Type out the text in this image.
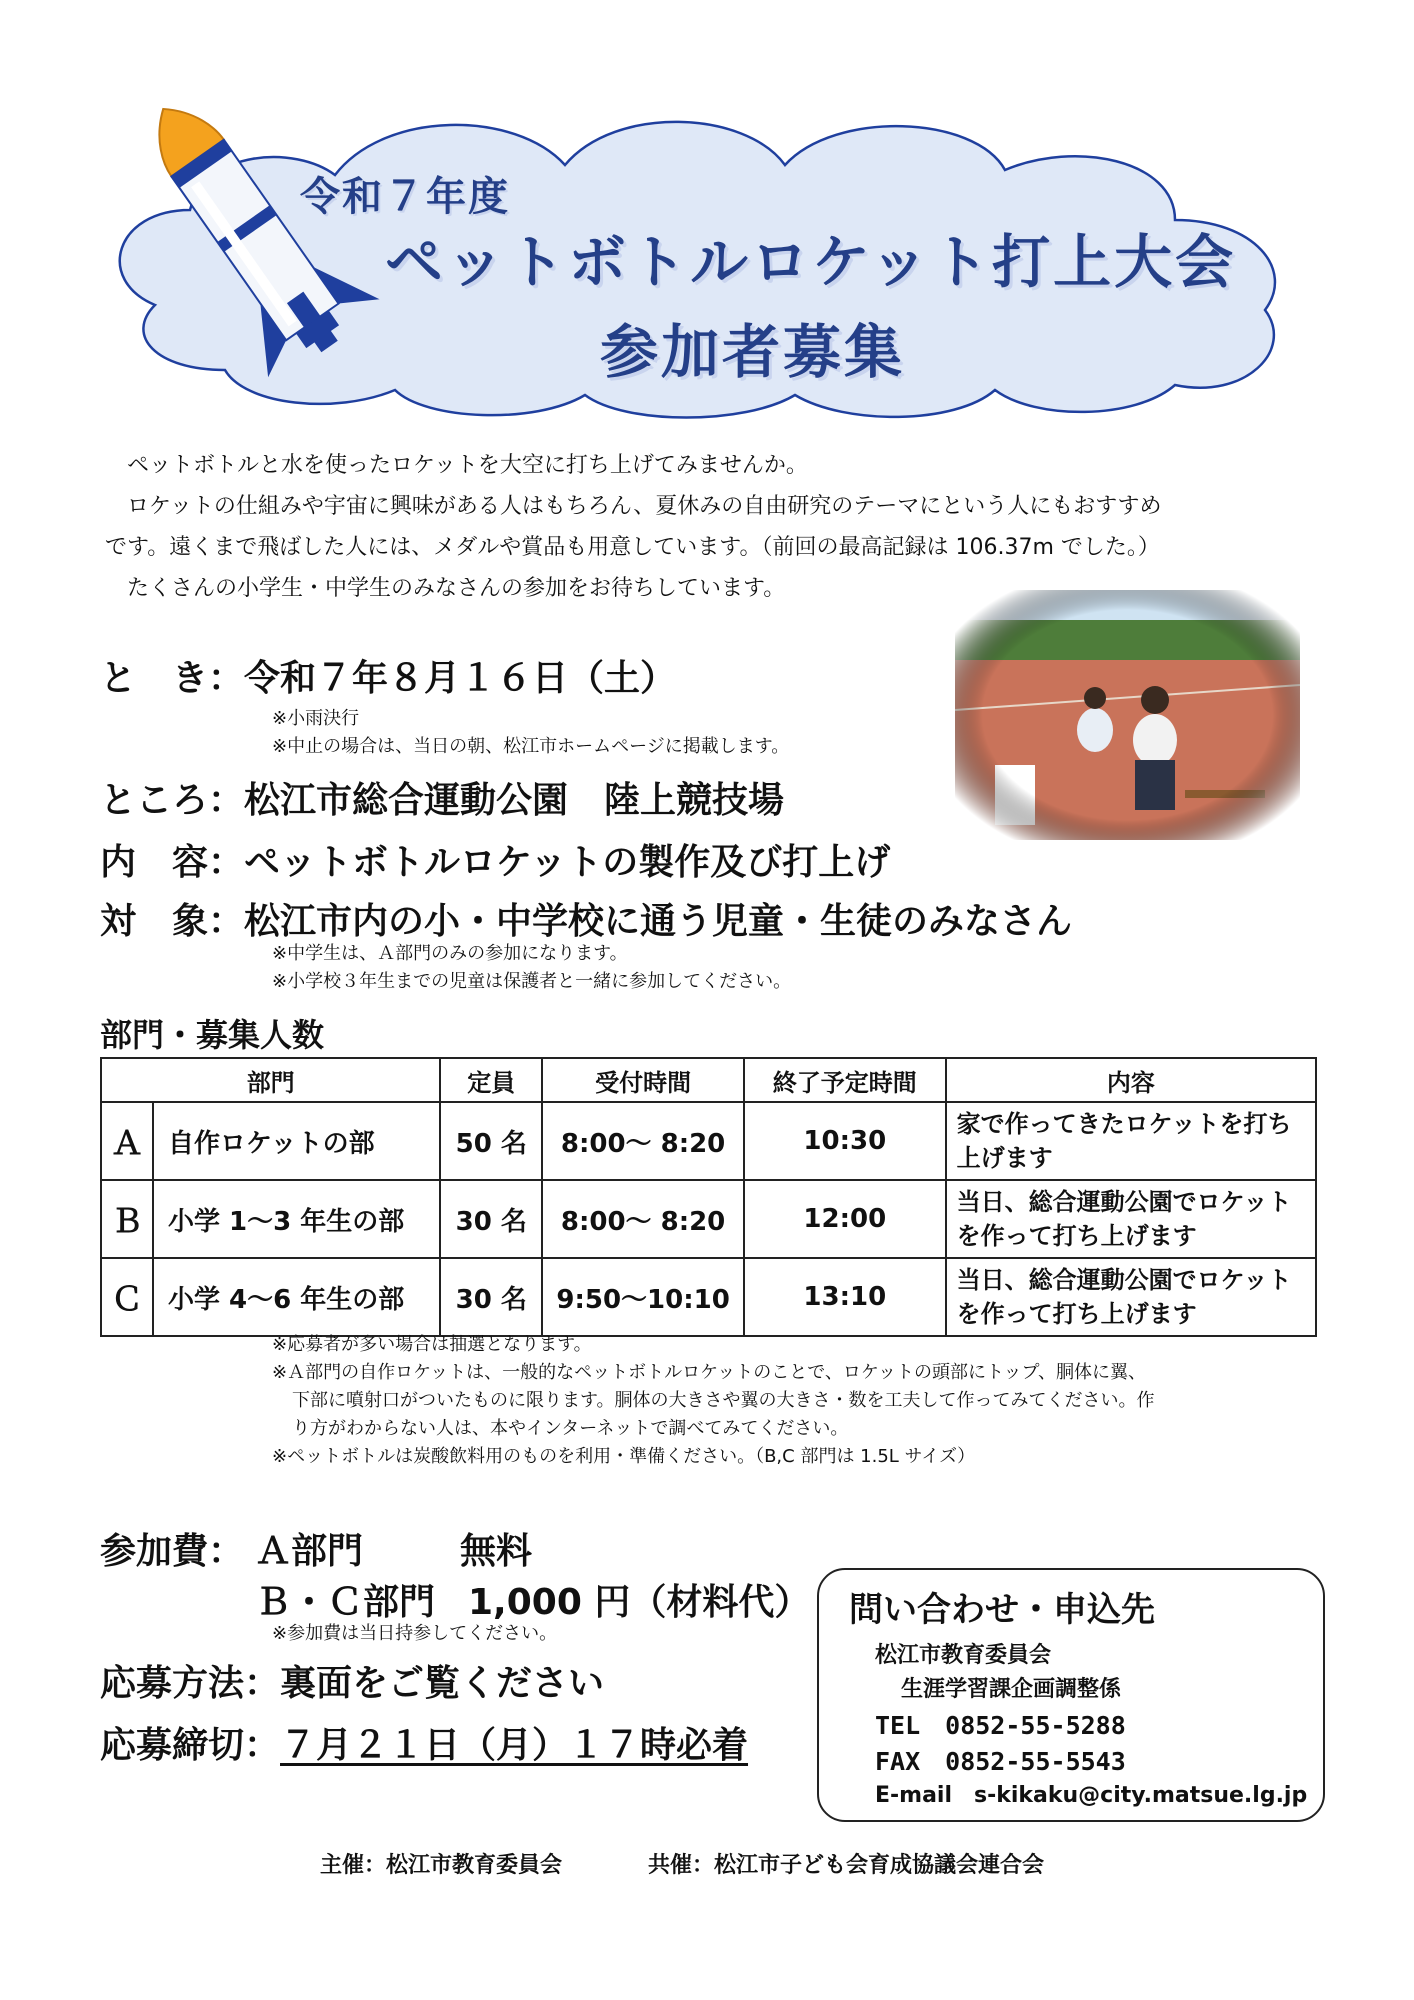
令和７年度
ペットボトルロケット打上大会
参加者募集

ペットボトルと水を使ったロケットを大空に打ち上げてみませんか。

ロケットの仕組みや宇宙に興味がある人はもちろん、夏休みの自由研究のテーマにという人にもおすすめ

です。遠くまで飛ばした人には、メダルや賞品も用意しています。（前回の最高記録は 106.37m でした。）

たくさんの小学生・中学生のみなさんの参加をお待ちしています。

と　き：令和７年８月１６日（土）
※小雨決行
※中止の場合は、当日の朝、松江市ホームページに掲載します。
ところ：松江市総合運動公園　陸上競技場
内　容：ペットボトルロケットの製作及び打上げ
対　象：松江市内の小・中学校に通う児童・生徒のみなさん
※中学生は、Ａ部門のみの参加になります。
※小学校３年生までの児童は保護者と一緒に参加してください。
部門・募集人数
部門		定員	受付時間	終了予定時間	内容
Ａ	自作ロケットの部	50 名	8:00～ 8:20	10:30	家で作ってきたロケットを打ち上げます
Ｂ	小学 1～3 年生の部	30 名	8:00～ 8:20	12:00	当日、総合運動公園でロケットを作って打ち上げます
Ｃ	小学 4～6 年生の部	30 名	9:50～10:10	13:10	当日、総合運動公園でロケットを作って打ち上げます
※応募者が多い場合は抽選となります。
※Ａ部門の自作ロケットは、一般的なペットボトルロケットのことで、ロケットの頭部にトップ、胴体に翼、
下部に噴射口がついたものに限ります。胴体の大きさや翼の大きさ・数を工夫して作ってみてください。作
り方がわからない人は、本やインターネットで調べてみてください。
※ペットボトルは炭酸飲料用のものを利用・準備ください。（B,C 部門は 1.5L サイズ）
参加費： Ａ部門	無料
Ｂ・Ｃ部門 1,000 円（材料代）
※参加費は当日持参してください。
応募方法：裏面をご覧ください
応募締切：７月２１日（月）１７時必着
問い合わせ・申込先
松江市教育委員会
生涯学習課企画調整係
TEL　0852-55-5288
FAX　0852-55-5543
E-mail　s-kikaku@city.matsue.lg.jp
主催：松江市教育委員会	共催：松江市子ども会育成協議会連合会
